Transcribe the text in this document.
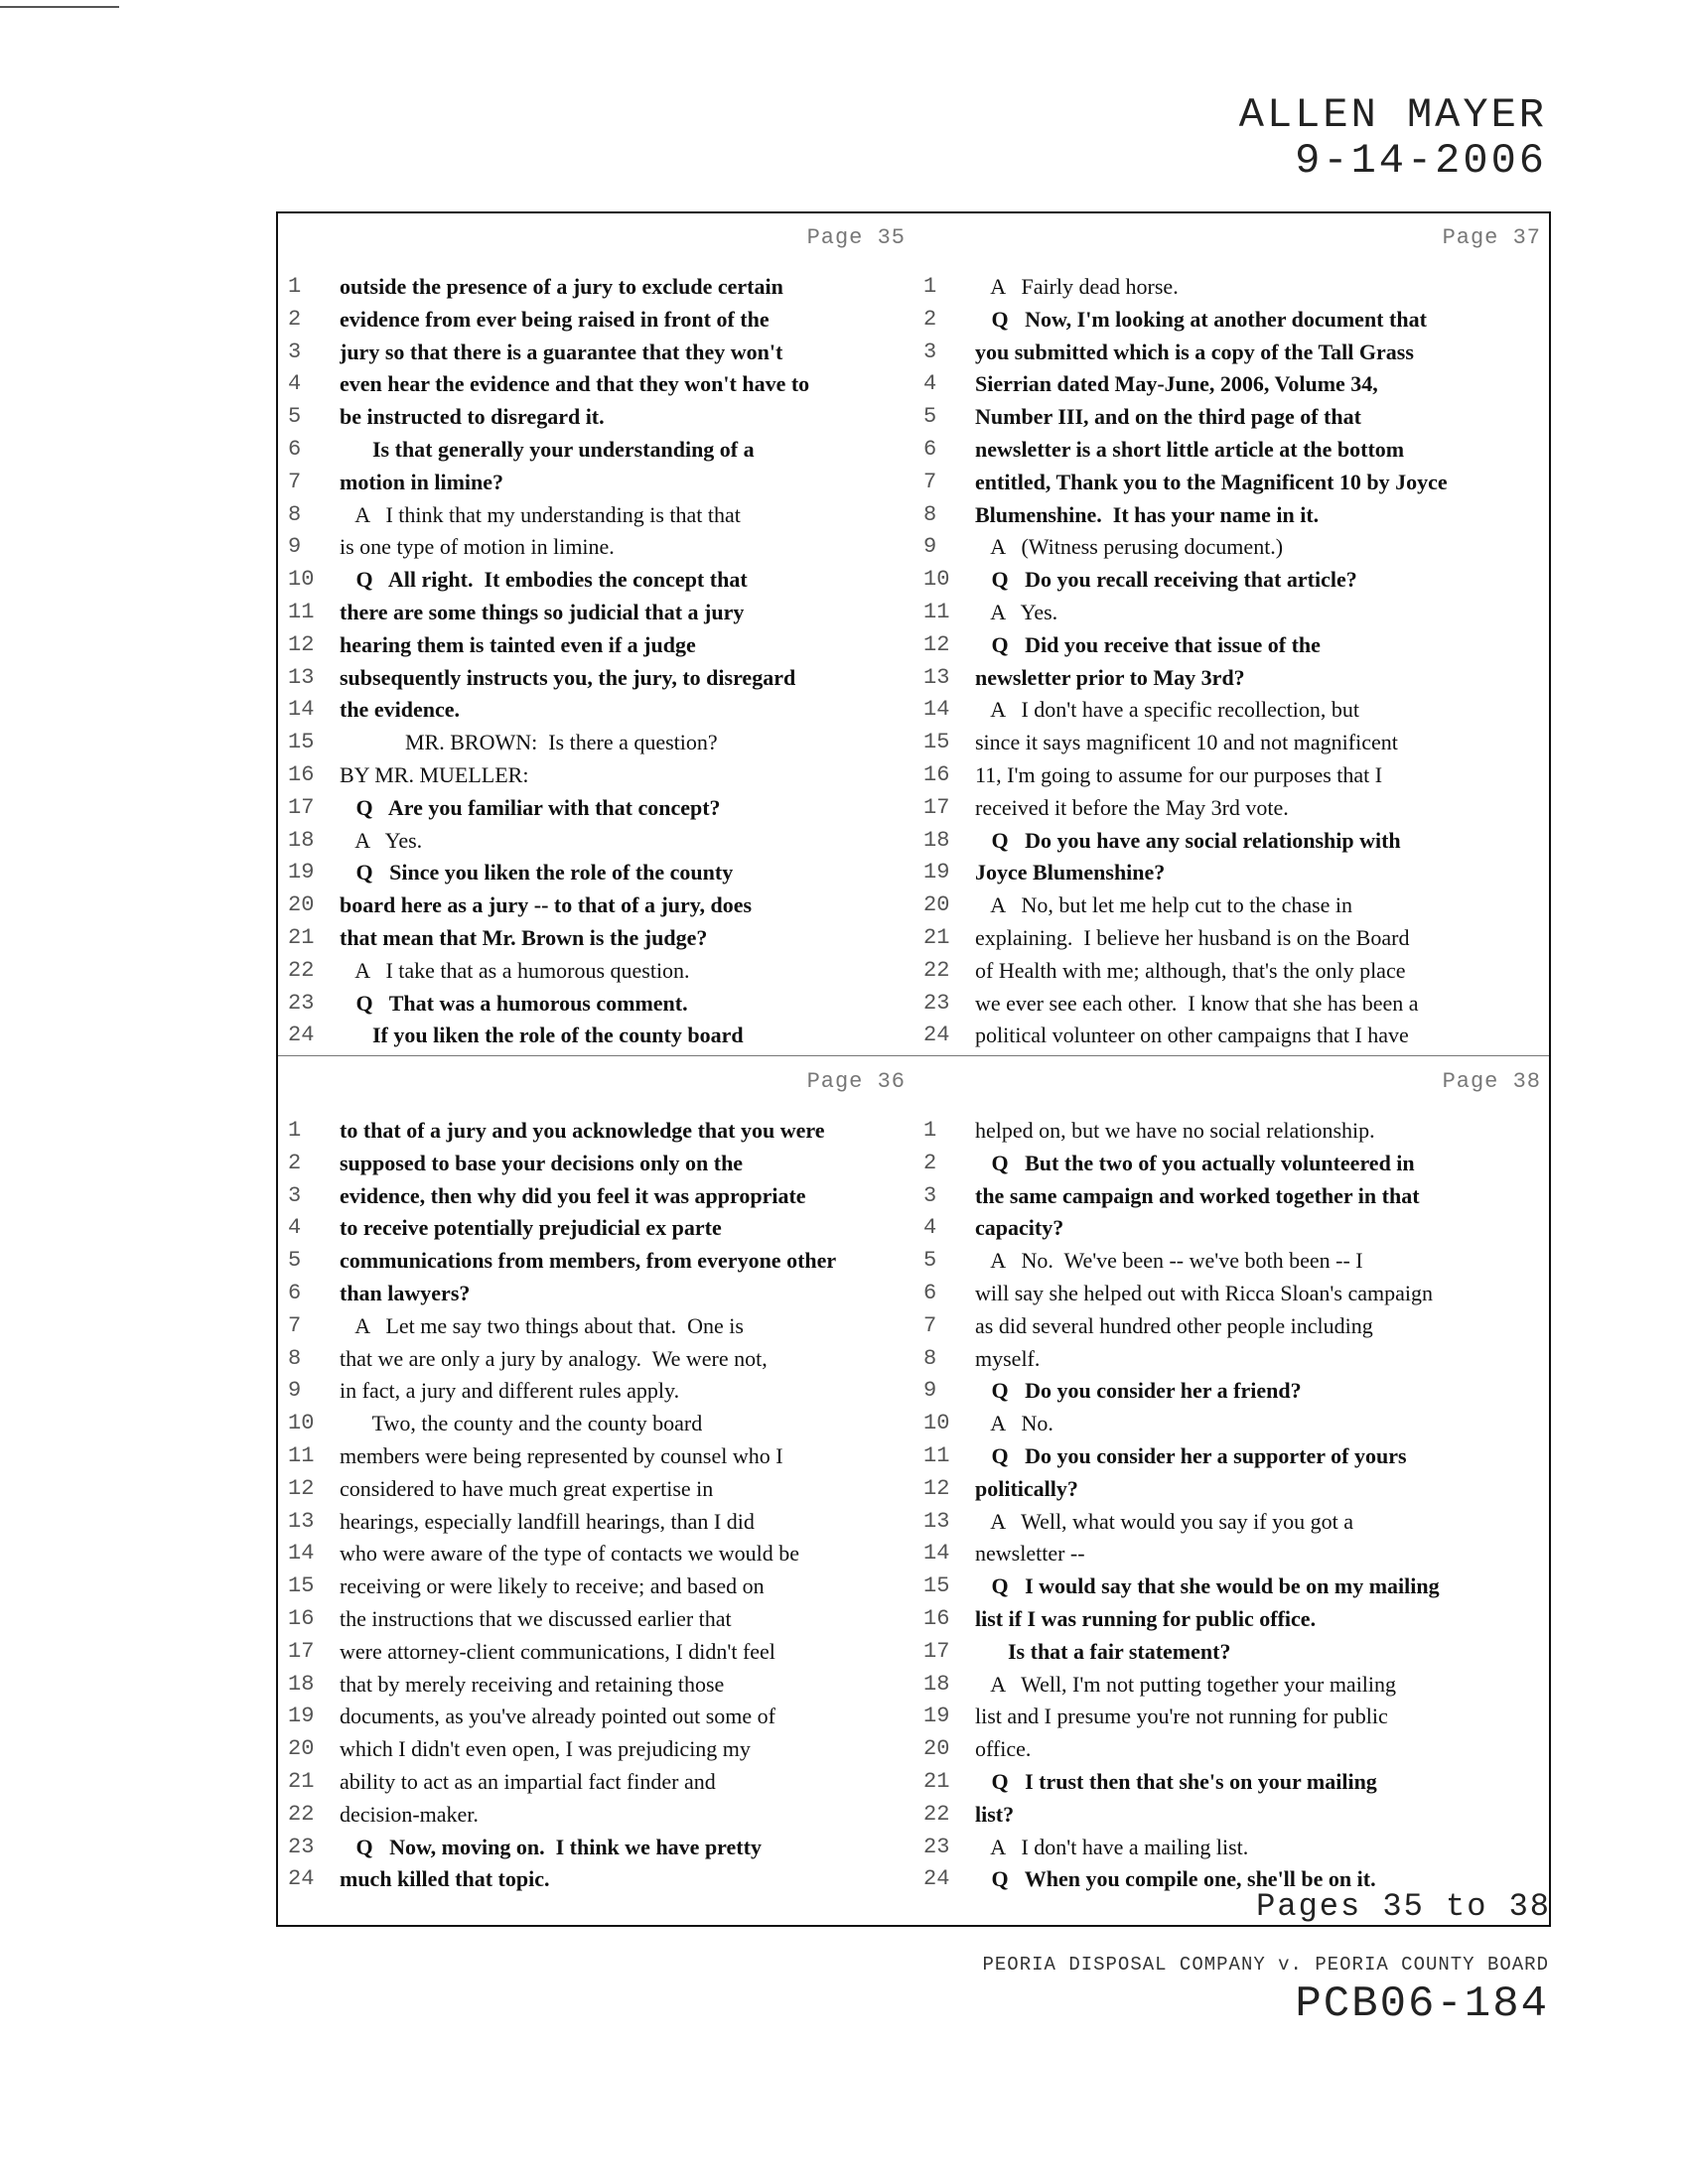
ALLEN MAYER
9-14-2006
Page 35
1	outside the presence of a jury to exclude certain
2	evidence from ever being raised in front of the
3	jury so that there is a guarantee that they won't
4	even hear the evidence and that they won't have to
5	be instructed to disregard it.
6	Is that generally your understanding of a
7	motion in limine?
8	A   I think that my understanding is that that
9	is one type of motion in limine.
10	Q   All right.  It embodies the concept that
11	there are some things so judicial that a jury
12	hearing them is tainted even if a judge
13	subsequently instructs you, the jury, to disregard
14	the evidence.
15	MR. BROWN:  Is there a question?
16	BY MR. MUELLER:
17	Q   Are you familiar with that concept?
18	A   Yes.
19	Q   Since you liken the role of the county
20	board here as a jury -- to that of a jury, does
21	that mean that Mr. Brown is the judge?
22	A   I take that as a humorous question.
23	Q   That was a humorous comment.
24	If you liken the role of the county board
Page 37
1	A   Fairly dead horse.
2	Q   Now, I'm looking at another document that
3	you submitted which is a copy of the Tall Grass
4	Sierrian dated May-June, 2006, Volume 34,
5	Number III, and on the third page of that
6	newsletter is a short little article at the bottom
7	entitled, Thank you to the Magnificent 10 by Joyce
8	Blumenshine.  It has your name in it.
9	A   (Witness perusing document.)
10	Q   Do you recall receiving that article?
11	A   Yes.
12	Q   Did you receive that issue of the
13	newsletter prior to May 3rd?
14	A   I don't have a specific recollection, but
15	since it says magnificent 10 and not magnificent
16	11, I'm going to assume for our purposes that I
17	received it before the May 3rd vote.
18	Q   Do you have any social relationship with
19	Joyce Blumenshine?
20	A   No, but let me help cut to the chase in
21	explaining.  I believe her husband is on the Board
22	of Health with me; although, that's the only place
23	we ever see each other.  I know that she has been a
24	political volunteer on other campaigns that I have
Page 36
1	to that of a jury and you acknowledge that you were
2	supposed to base your decisions only on the
3	evidence, then why did you feel it was appropriate
4	to receive potentially prejudicial ex parte
5	communications from members, from everyone other
6	than lawyers?
7	A   Let me say two things about that.  One is
8	that we are only a jury by analogy.  We were not,
9	in fact, a jury and different rules apply.
10	Two, the county and the county board
11	members were being represented by counsel who I
12	considered to have much great expertise in
13	hearings, especially landfill hearings, than I did
14	who were aware of the type of contacts we would be
15	receiving or were likely to receive; and based on
16	the instructions that we discussed earlier that
17	were attorney-client communications, I didn't feel
18	that by merely receiving and retaining those
19	documents, as you've already pointed out some of
20	which I didn't even open, I was prejudicing my
21	ability to act as an impartial fact finder and
22	decision-maker.
23	Q   Now, moving on.  I think we have pretty
24	much killed that topic.
Page 38
1	helped on, but we have no social relationship.
2	Q   But the two of you actually volunteered in
3	the same campaign and worked together in that
4	capacity?
5	A   No.  We've been -- we've both been -- I
6	will say she helped out with Ricca Sloan's campaign
7	as did several hundred other people including
8	myself.
9	Q   Do you consider her a friend?
10	A   No.
11	Q   Do you consider her a supporter of yours
12	politically?
13	A   Well, what would you say if you got a
14	newsletter --
15	Q   I would say that she would be on my mailing
16	list if I was running for public office.
17	Is that a fair statement?
18	A   Well, I'm not putting together your mailing
19	list and I presume you're not running for public
20	office.
21	Q   I trust then that she's on your mailing
22	list?
23	A   I don't have a mailing list.
24	Q   When you compile one, she'll be on it.
Pages 35 to 38
PEORIA DISPOSAL COMPANY v. PEORIA COUNTY BOARD
PCB06-184
